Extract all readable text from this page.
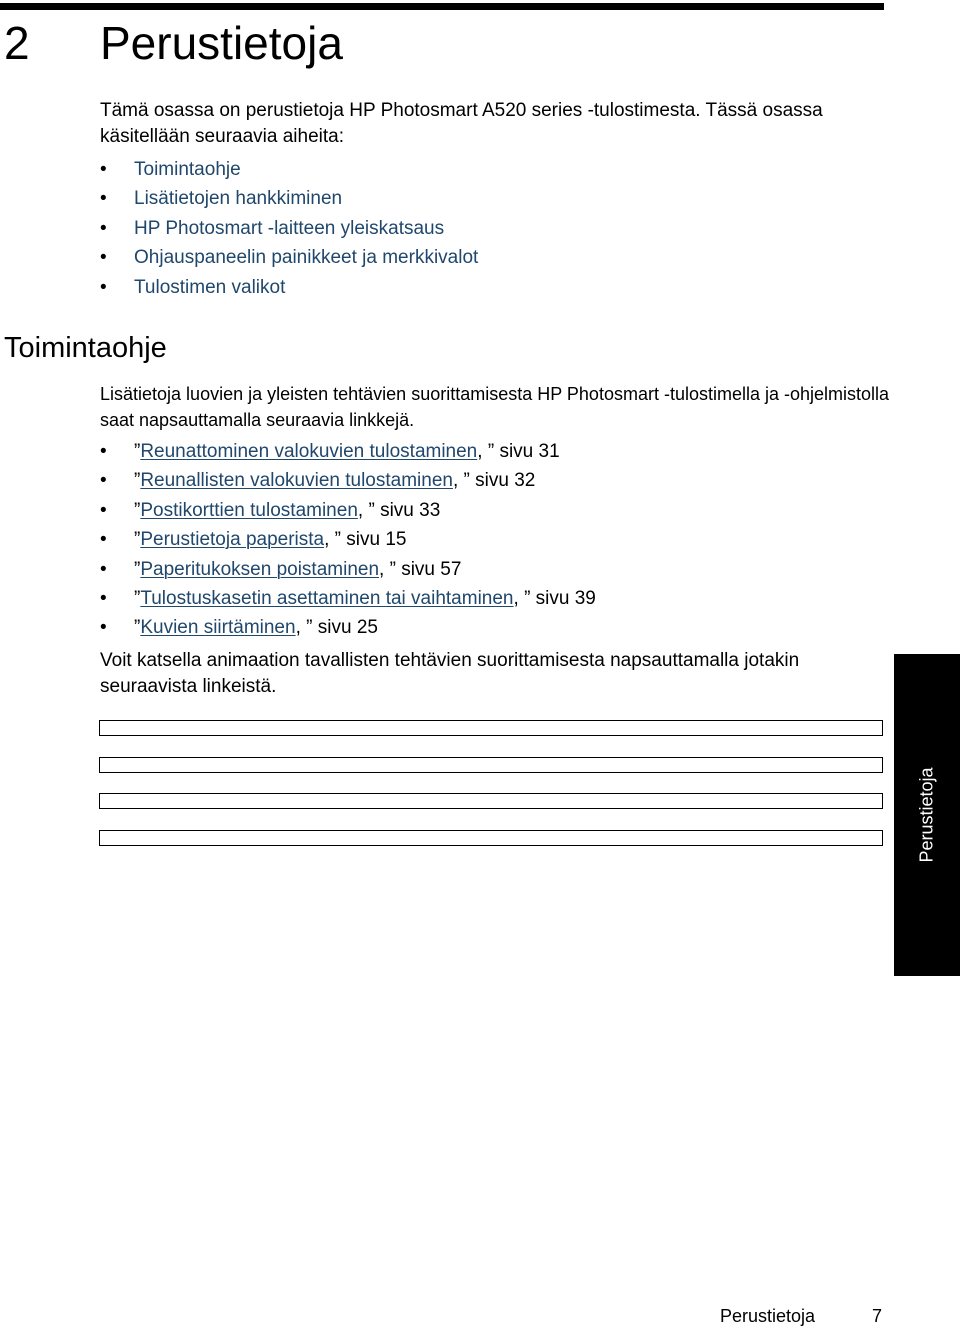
2 Perustietoja

Tämä osassa on perustietoja HP Photosmart A520 series -tulostimesta. Tässä osassa käsitellään seuraavia aiheita:

• Toimintaohje
• Lisätietojen hankkiminen
• HP Photosmart -laitteen yleiskatsaus
• Ohjauspaneelin painikkeet ja merkkivalot
• Tulostimen valikot
Toimintaohje

Lisätietoja luovien ja yleisten tehtävien suorittamisesta HP Photosmart -tulostimella ja -ohjelmistolla saat napsauttamalla seuraavia linkkejä.

• ”Reunattominen valokuvien tulostaminen, ” sivu 31
• ”Reunallisten valokuvien tulostaminen, ” sivu 32
• ”Postikorttien tulostaminen, ” sivu 33
• ”Perustietoja paperista, ” sivu 15
• ”Paperitukoksen poistaminen, ” sivu 57
• ”Tulostuskasetin asettaminen tai vaihtaminen, ” sivu 39
• ”Kuvien siirtäminen, ” sivu 25

Voit katsella animaation tavallisten tehtävien suorittamisesta napsauttamalla jotakin seuraavista linkeistä.

Perustietoja
Perustietoja	7
